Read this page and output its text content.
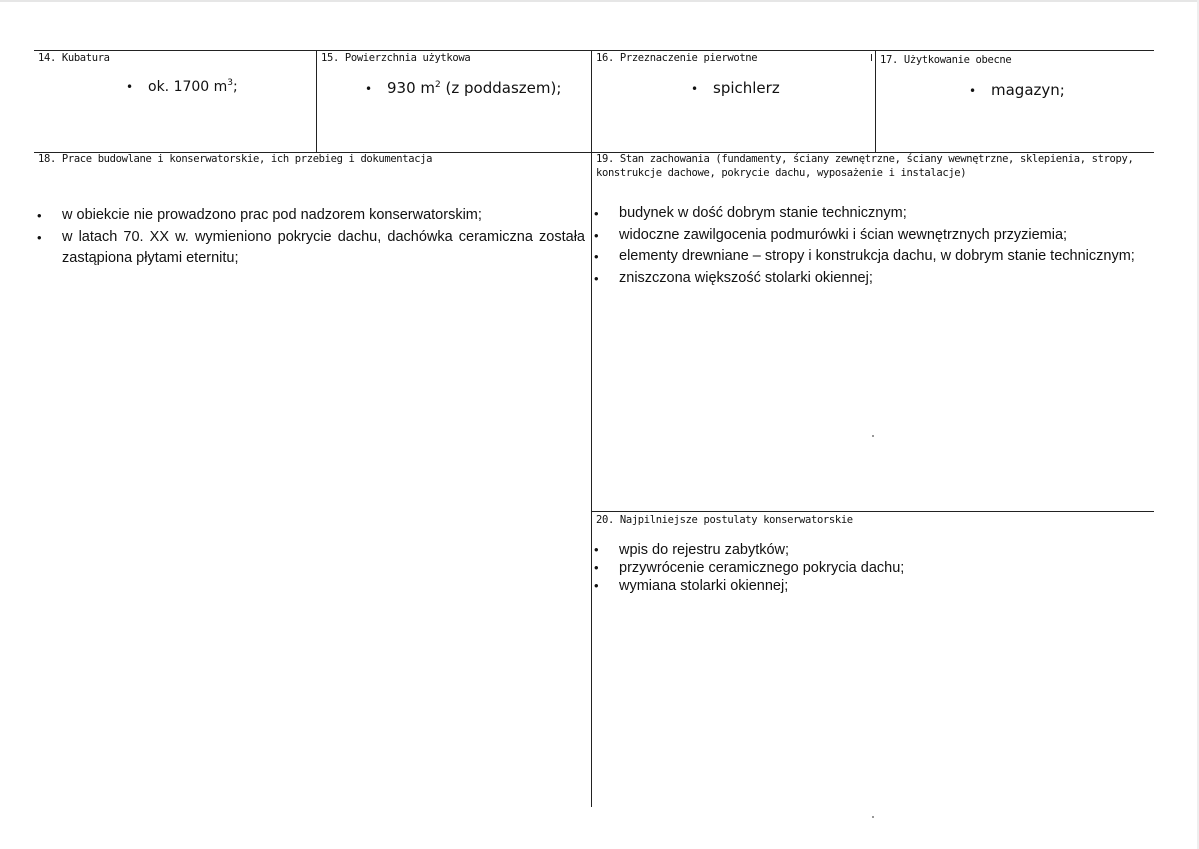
14. Kubatura
• ok. 1700 $m^3$;
15. Powierzchnia użytkowa
• 930 $m^2$ (z poddaszem);
16. Przeznaczenie pierwotne
• spichlerz
17. Użytkowanie obecne
• magazyn;
18. Prace budowlane i konserwatorskie, ich przebieg i dokumentacja
• w obiekcie nie prowadzono prac pod nadzorem konserwatorskim;
• w latach 70. XX w. wymieniono pokrycie dachu, dachówka ceramiczna została zastąpiona płytami eternitu;
19. Stan zachowania (fundamenty, ściany zewnętrzne, ściany wewnętrzne, sklepienia, stropy,
konstrukcje dachowe, pokrycie dachu, wyposażenie i instalacje)
• budynek w dość dobrym stanie technicznym;
• widoczne zawilgocenia podmurówki i ścian wewnętrznych przyziemia;
• elementy drewniane – stropy i konstrukcja dachu, w dobrym stanie technicznym;
• zniszczona większość stolarki okiennej;
20. Najpilniejsze postulaty konserwatorskie
• wpis do rejestru zabytków;
• przywrócenie ceramicznego pokrycia dachu;
• wymiana stolarki okiennej;
